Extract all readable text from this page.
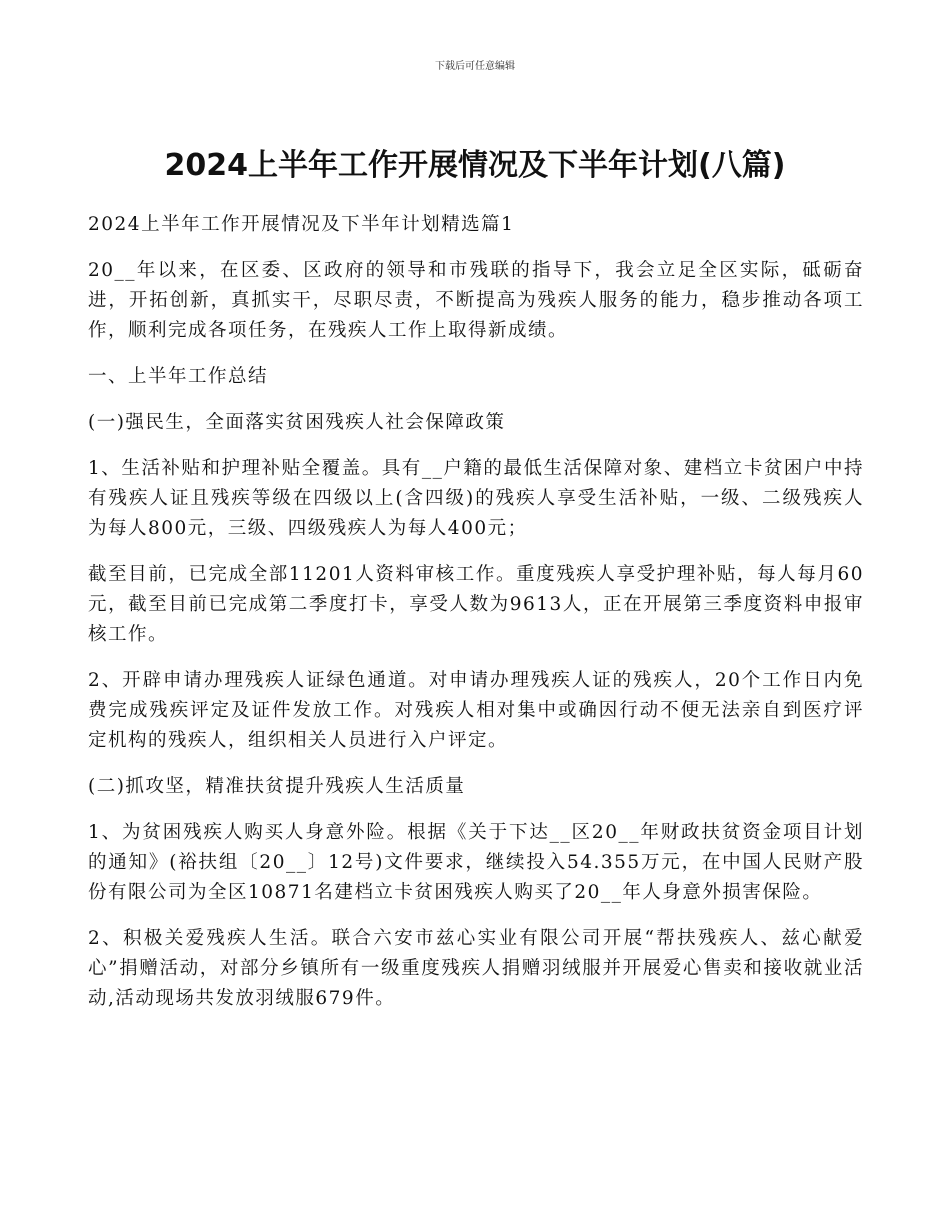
下载后可任意编辑
2024上半年工作开展情况及下半年计划(八篇)

2024上半年工作开展情况及下半年计划精选篇1

20__年以来，在区委、区政府的领导和市残联的指导下，我会立足全区实际，砥砺奋进，开拓创新，真抓实干，尽职尽责，不断提高为残疾人服务的能力，稳步推动各项工作，顺利完成各项任务，在残疾人工作上取得新成绩。

一、上半年工作总结

(一)强民生，全面落实贫困残疾人社会保障政策

1、生活补贴和护理补贴全覆盖。具有__户籍的最低生活保障对象、建档立卡贫困户中持有残疾人证且残疾等级在四级以上(含四级)的残疾人享受生活补贴，一级、二级残疾人为每人800元，三级、四级残疾人为每人400元；

截至目前，已完成全部11201人资料审核工作。重度残疾人享受护理补贴，每人每月60元，截至目前已完成第二季度打卡，享受人数为9613人，正在开展第三季度资料申报审核工作。

2、开辟申请办理残疾人证绿色通道。对申请办理残疾人证的残疾人，20个工作日内免费完成残疾评定及证件发放工作。对残疾人相对集中或确因行动不便无法亲自到医疗评定机构的残疾人，组织相关人员进行入户评定。

(二)抓攻坚，精准扶贫提升残疾人生活质量

1、为贫困残疾人购买人身意外险。根据《关于下达__区20__年财政扶贫资金项目计划的通知》(裕扶组〔20__〕12号)文件要求，继续投入54.355万元，在中国人民财产股份有限公司为全区10871名建档立卡贫困残疾人购买了20__年人身意外损害保险。

2、积极关爱残疾人生活。联合六安市兹心实业有限公司开展“帮扶残疾人、兹心献爱心”捐赠活动，对部分乡镇所有一级重度残疾人捐赠羽绒服并开展爱心售卖和接收就业活动,活动现场共发放羽绒服679件。
